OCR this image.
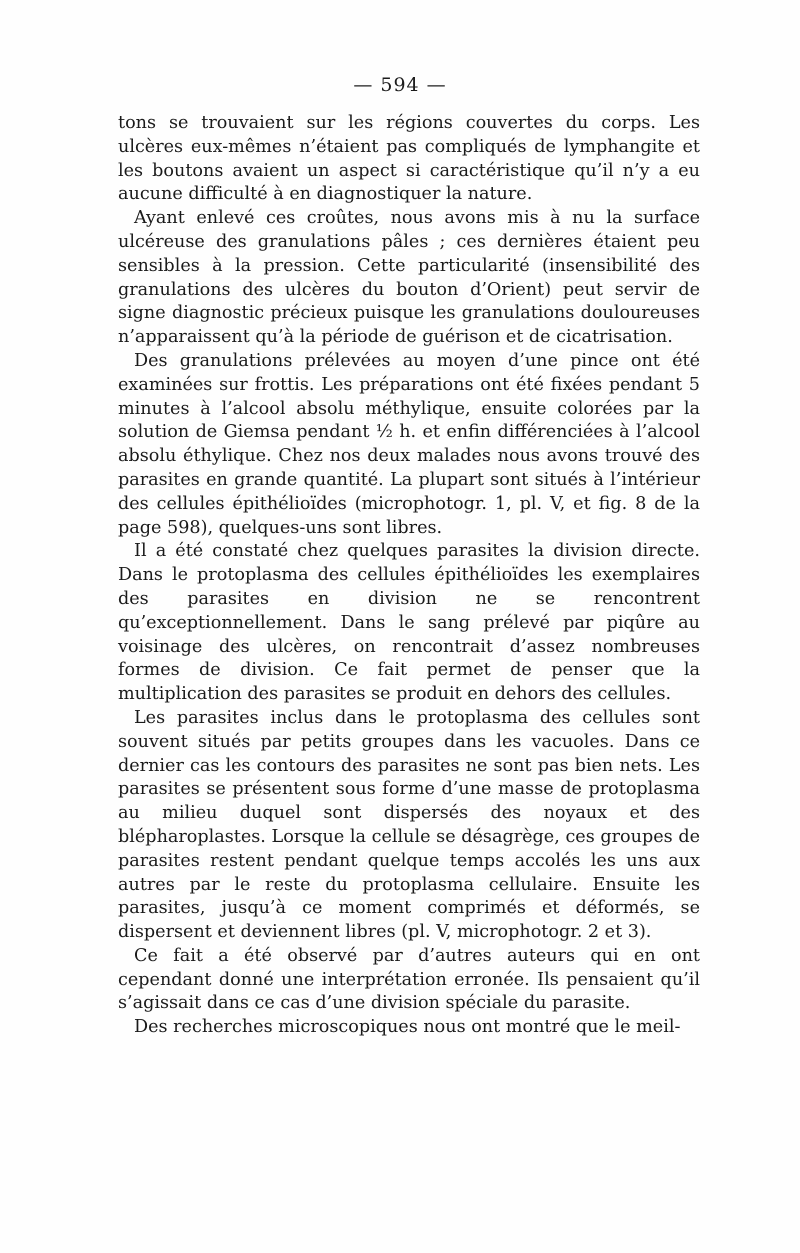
— 594 —

tons se trouvaient sur les régions couvertes du corps. Les ulcères eux-mêmes n’étaient pas compliqués de lymphangite et les boutons avaient un aspect si caractéristique qu’il n’y a eu aucune difficulté à en diagnostiquer la nature.

Ayant enlevé ces croûtes, nous avons mis à nu la surface ulcéreuse des granulations pâles ; ces dernières étaient peu sensibles à la pression. Cette particularité (insensibilité des granulations des ulcères du bouton d’Orient) peut servir de signe diagnostic précieux puisque les granulations douloureuses n’apparaissent qu’à la période de guérison et de cicatrisation.

Des granulations prélevées au moyen d’une pince ont été examinées sur frottis. Les préparations ont été fixées pendant 5 minutes à l’alcool absolu méthylique, ensuite colorées par la solution de Giemsa pendant ½ h. et enfin différenciées à l’alcool absolu éthylique. Chez nos deux malades nous avons trouvé des parasites en grande quantité. La plupart sont situés à l’intérieur des cellules épithélioïdes (microphotogr. 1, pl. V, et fig. 8 de la page 598), quelques-uns sont libres.

Il a été constaté chez quelques parasites la division directe. Dans le protoplasma des cellules épithélioïdes les exemplaires des parasites en division ne se rencontrent qu’exceptionnellement. Dans le sang prélevé par piqûre au voisinage des ulcères, on rencontrait d’assez nombreuses formes de division. Ce fait permet de penser que la multiplication des parasites se produit en dehors des cellules.

Les parasites inclus dans le protoplasma des cellules sont souvent situés par petits groupes dans les vacuoles. Dans ce dernier cas les contours des parasites ne sont pas bien nets. Les parasites se présentent sous forme d’une masse de protoplasma au milieu duquel sont dispersés des noyaux et des blépharoplastes. Lorsque la cellule se désagrège, ces groupes de parasites restent pendant quelque temps accolés les uns aux autres par le reste du protoplasma cellulaire. Ensuite les parasites, jusqu’à ce moment comprimés et déformés, se dispersent et deviennent libres (pl. V, microphotogr. 2 et 3).

Ce fait a été observé par d’autres auteurs qui en ont cependant donné une interprétation erronée. Ils pensaient qu’il s’agissait dans ce cas d’une division spéciale du parasite.

Des recherches microscopiques nous ont montré que le meil-
